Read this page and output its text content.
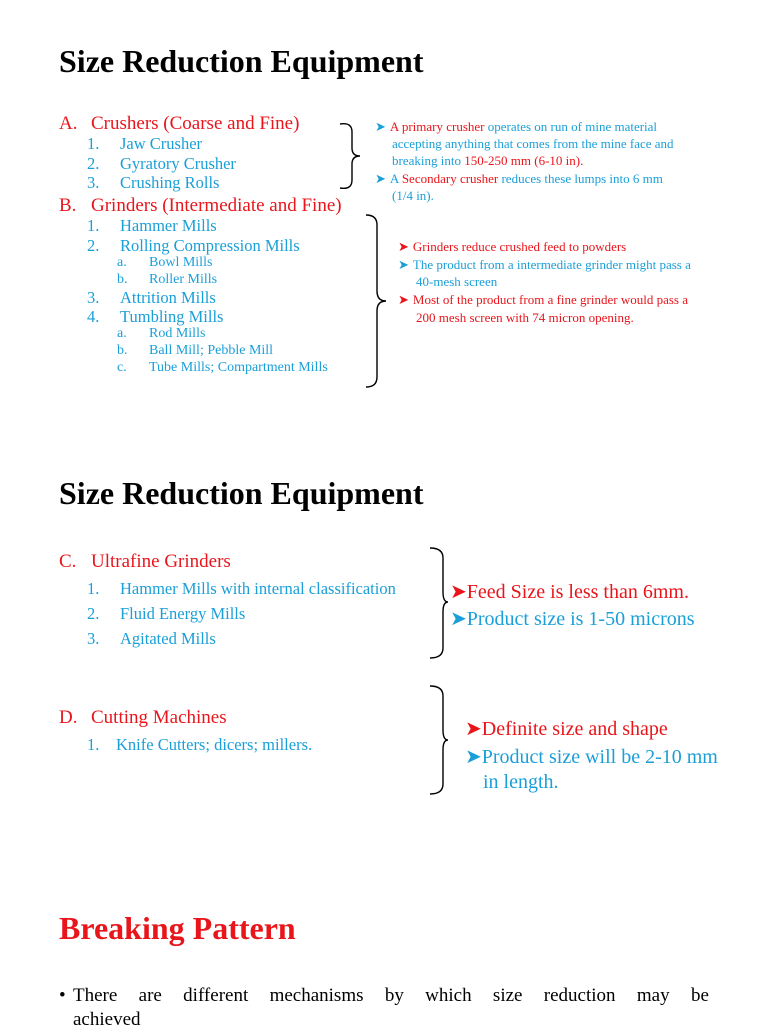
Size Reduction Equipment
A. Crushers (Coarse and Fine)
1. Jaw Crusher
2. Gyratory Crusher
3. Crushing Rolls
B. Grinders (Intermediate and Fine)
1. Hammer Mills
2. Rolling Compression Mills
a. Bowl Mills
b. Roller Mills
3. Attrition Mills
4. Tumbling Mills
a. Rod Mills
b. Ball Mill; Pebble Mill
c. Tube Mills; Compartment Mills
➤ A primary crusher operates on run of mine material
accepting anything that comes from the mine face and
breaking into 150-250 mm (6-10 in).
➤ A Secondary crusher reduces these lumps into 6 mm
(1/4 in).
➤ Grinders reduce crushed feed to powders
➤ The product from a intermediate grinder might pass a
40-mesh screen
➤ Most of the product from a fine grinder would pass a
200 mesh screen with 74 micron opening.
Size Reduction Equipment
C. Ultrafine Grinders
1. Hammer Mills with internal classification
2. Fluid Energy Mills
3. Agitated Mills
➤Feed Size is less than 6mm.
➤Product size is 1-50 microns
D. Cutting Machines
1. Knife Cutters; dicers; millers.
➤Definite size and shape
➤Product size will be 2-10 mm
in length.
Breaking Pattern
• There are different mechanisms by which size reduction may be
achieved
